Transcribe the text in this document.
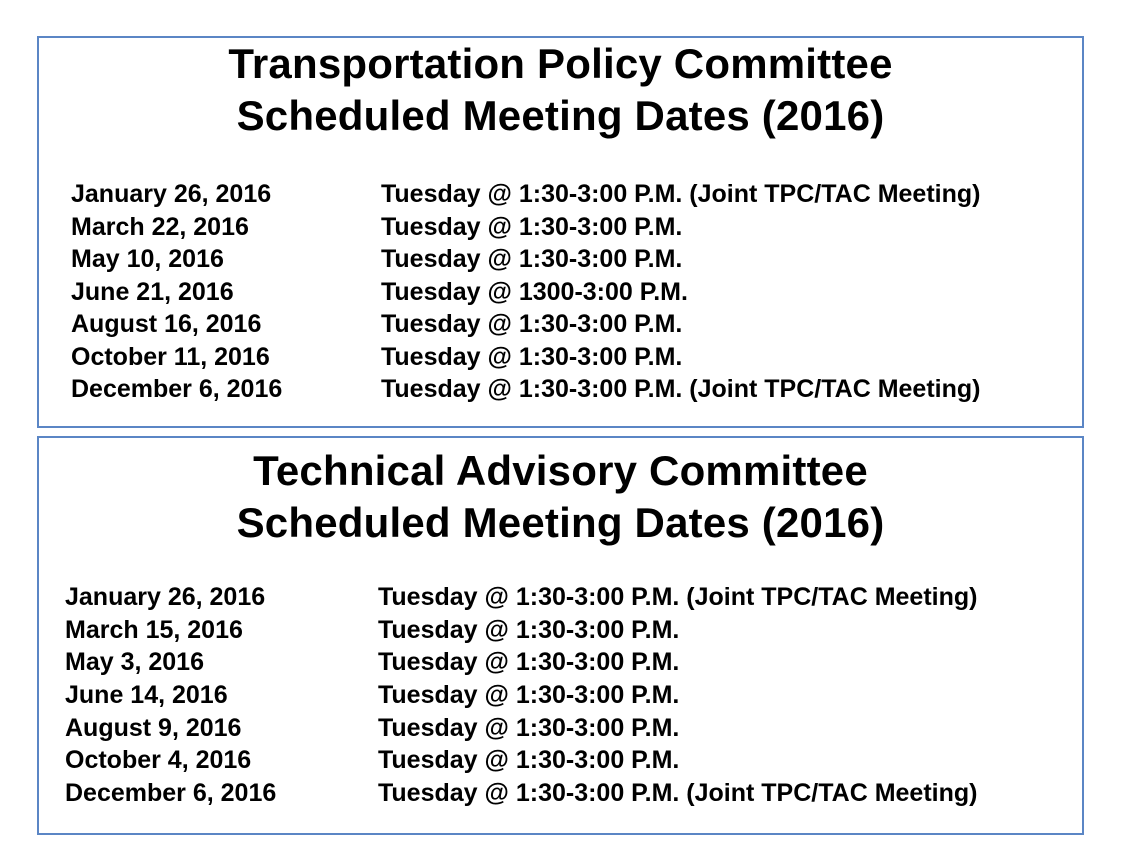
Transportation Policy Committee
Scheduled Meeting Dates (2016)
January 26, 2016	Tuesday @ 1:30-3:00 P.M. (Joint TPC/TAC Meeting)
March 22, 2016	Tuesday @ 1:30-3:00 P.M.
May 10, 2016	Tuesday @ 1:30-3:00 P.M.
June 21, 2016	Tuesday @ 1300-3:00 P.M.
August 16, 2016	Tuesday @ 1:30-3:00 P.M.
October 11, 2016	Tuesday @ 1:30-3:00 P.M.
December 6, 2016	Tuesday @ 1:30-3:00 P.M. (Joint TPC/TAC Meeting)
Technical Advisory Committee
Scheduled Meeting Dates (2016)
January 26, 2016	Tuesday @ 1:30-3:00 P.M. (Joint TPC/TAC Meeting)
March 15, 2016	Tuesday @ 1:30-3:00 P.M.
May 3, 2016	Tuesday @ 1:30-3:00 P.M.
June 14, 2016	Tuesday @ 1:30-3:00 P.M.
August 9, 2016	Tuesday @ 1:30-3:00 P.M.
October 4, 2016	Tuesday @ 1:30-3:00 P.M.
December 6, 2016	Tuesday @ 1:30-3:00 P.M. (Joint TPC/TAC Meeting)
